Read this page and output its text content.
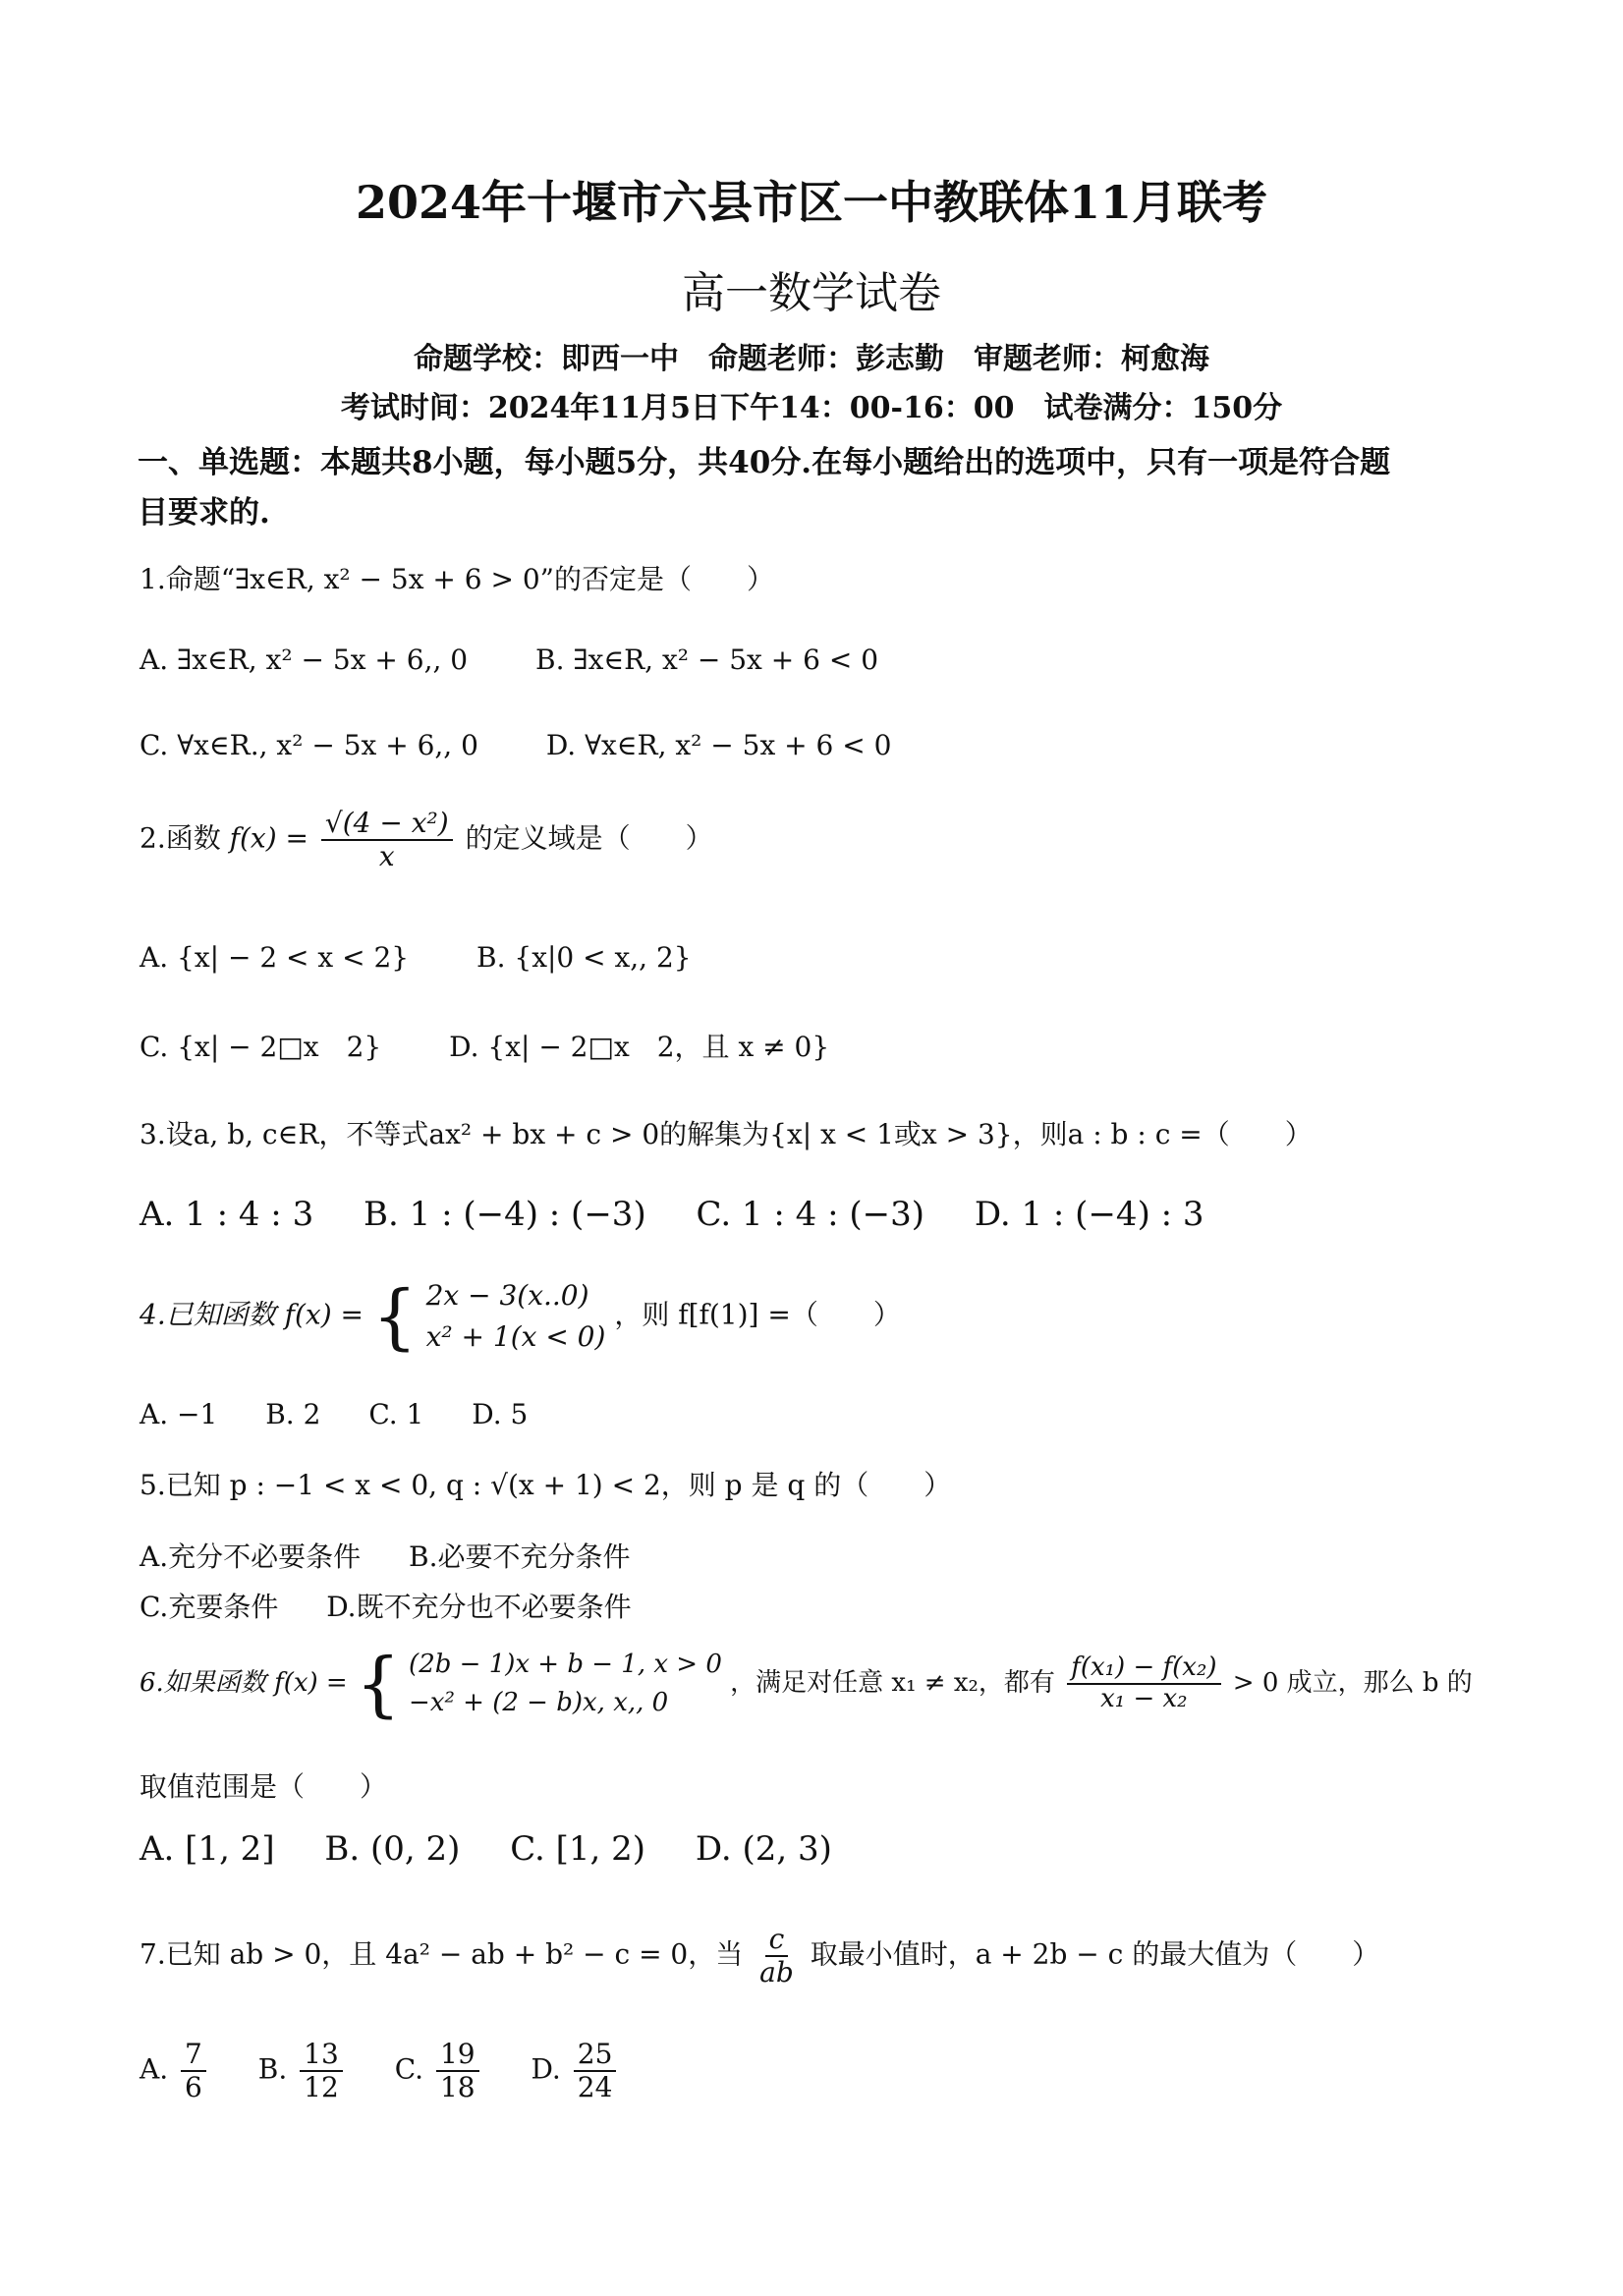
2024年十堰市六县市区一中教联体11月联考
高一数学试卷
命题学校：即西一中　命题老师：彭志勤　审题老师：柯愈海
考试时间：2024年11月5日下午14：00-16：00　试卷满分：150分
一、单选题：本题共8小题，每小题5分，共40分.在每小题给出的选项中，只有一项是符合题
目要求的.
1.命题“∃x∈R, x² − 5x + 6 > 0”的否定是（　　）
A. ∃x∈R, x² − 5x + 6,, 0 B. ∃x∈R, x² − 5x + 6 < 0
C. ∀x∈R., x² − 5x + 6,, 0 D. ∀x∈R, x² − 5x + 6 < 0
2.函数 $f(x) = \frac{\text{√(4 − x²)}}{x}$ 的定义域是（　　）
A. {x| − 2 < x < 2} B. {x|0 < x,, 2}
C. {x| − 2□x　2} D. {x| − 2□x　2，且 x ≠ 0}
3.设a, b, c∈R，不等式ax² + bx + c > 0的解集为{x| x < 1或x > 3}，则a : b : c =（　　）
A. 1 : 4 : 3 B. 1 : (−4) : (−3) C. 1 : 4 : (−3) D. 1 : (−4) : 3
4.已知函数 f(x) = { 2x − 3(x..0)
x² + 1(x < 0)
，则 f[f(1)] =（　　）
A. −1 B. 2 C. 1 D. 5
5.已知 p : −1 < x < 0, q : √(x + 1) < 2，则 p 是 q 的（　　）
A.充分不必要条件 B.必要不充分条件
C.充要条件 D.既不充分也不必要条件
6.如果函数 f(x) = { (2b − 1)x + b − 1, x > 0
−x² + (2 − b)x, x,, 0
，满足对任意 x₁ ≠ x₂，都有 $\frac{\text{f(x₁) − f(x₂)}}{\text{x₁ − x₂}} > 0$ 成立，那么 b 的
取值范围是（　　）
A. [1, 2] B. (0, 2) C. [1, 2) D. (2, 3)
7.已知 ab > 0，且 4a² − ab + b² − c = 0，当 $\frac{c}{ab}$ 取最小值时，a + 2b − c 的最大值为（　　）
A. $\frac{7}{6} B$. $\frac{13}{12} C$. $\frac{19}{18} D$. $\frac{25}{24}$
